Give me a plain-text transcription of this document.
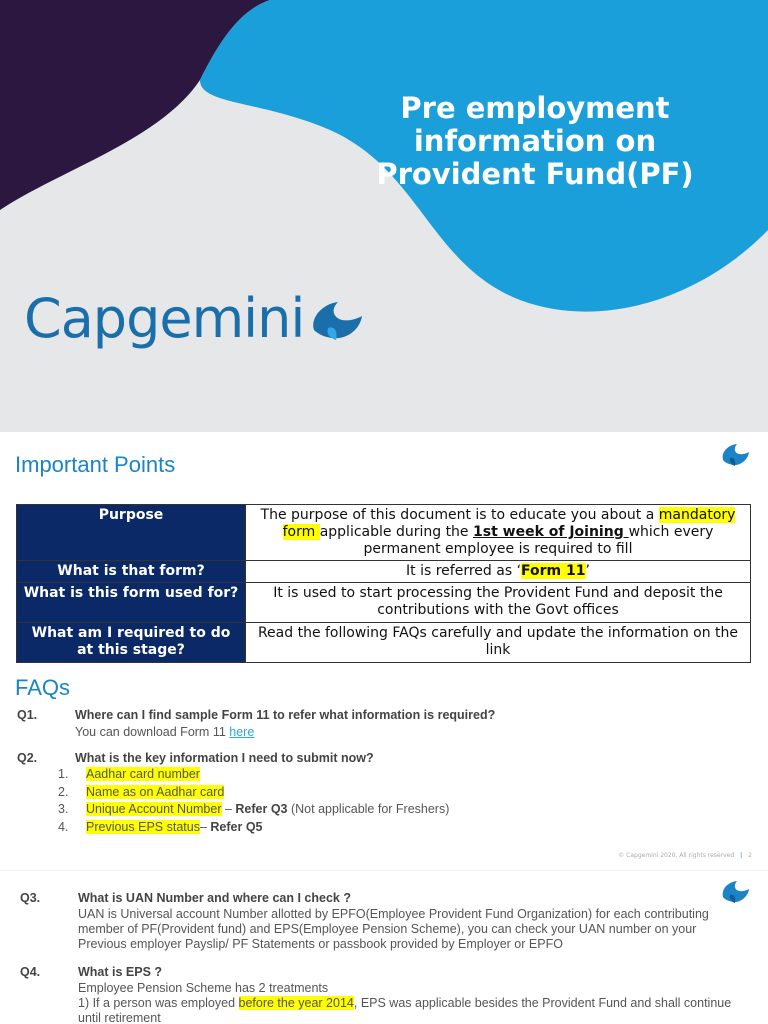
Pre employment
information on
Provident Fund(PF)
Capgemini
Important Points
Purpose	The purpose of this document is to educate you about a mandatory form applicable during the 1st week of Joining which every permanent employee is required to fill
What is that form?	It is referred as ‘Form 11’
What is this form used for?	It is used to start processing the Provident Fund and deposit the contributions with the Govt offices
What am I required to do at this stage?	Read the following FAQs carefully and update the information on the link
FAQs
Q1.	Where can I find sample Form 11 to refer what information is required?
You can download Form 11 here
Q2.	What is the key information I need to submit now?
1. Aadhar card number
2. Name as on Aadhar card
3. Unique Account Number – Refer Q3 (Not applicable for Freshers)
4. Previous EPS status– Refer Q5
© Capgemini 2020. All rights reserved | 2
Q3.	What is UAN Number and where can I check ?
UAN is Universal account Number allotted by EPFO(Employee Provident Fund Organization) for each contributing member of PF(Provident fund) and EPS(Employee Pension Scheme), you can check your UAN number on your Previous employer Payslip/ PF Statements or passbook provided by Employer or EPFO
Q4.	What is EPS ?
Employee Pension Scheme has 2 treatments
1) If a person was employed before the year 2014, EPS was applicable besides the Provident Fund and shall continue until retirement
